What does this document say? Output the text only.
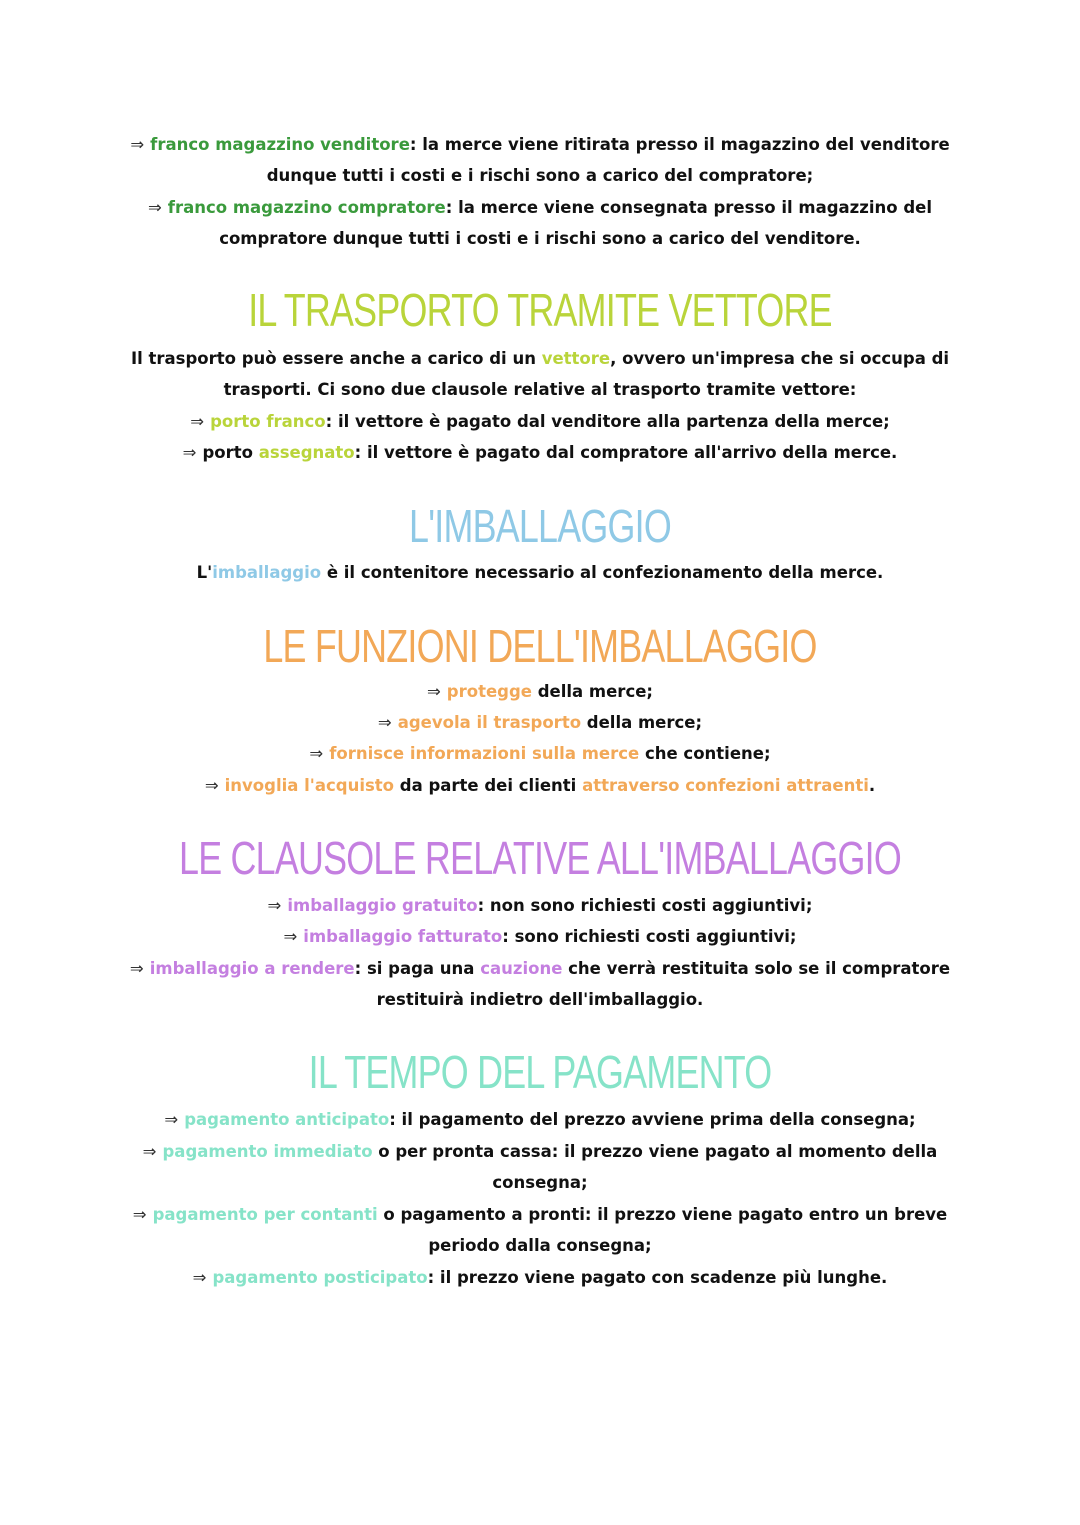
⇒ franco magazzino venditore: la merce viene ritirata presso il magazzino del venditore
dunque tutti i costi e i rischi sono a carico del compratore;
⇒ franco magazzino compratore: la merce viene consegnata presso il magazzino del
compratore dunque tutti i costi e i rischi sono a carico del venditore.
IL TRASPORTO TRAMITE VETTORE
Il trasporto può essere anche a carico di un vettore, ovvero un'impresa che si occupa di
trasporti. Ci sono due clausole relative al trasporto tramite vettore:
⇒ porto franco: il vettore è pagato dal venditore alla partenza della merce;
⇒ porto assegnato: il vettore è pagato dal compratore all'arrivo della merce.
L'IMBALLAGGIO
L'imballaggio è il contenitore necessario al confezionamento della merce.
LE FUNZIONI DELL'IMBALLAGGIO
⇒ protegge della merce;
⇒ agevola il trasporto della merce;
⇒ fornisce informazioni sulla merce che contiene;
⇒ invoglia l'acquisto da parte dei clienti attraverso confezioni attraenti.
LE CLAUSOLE RELATIVE ALL'IMBALLAGGIO
⇒ imballaggio gratuito: non sono richiesti costi aggiuntivi;
⇒ imballaggio fatturato: sono richiesti costi aggiuntivi;
⇒ imballaggio a rendere: si paga una cauzione che verrà restituita solo se il compratore
restituirà indietro dell'imballaggio.
IL TEMPO DEL PAGAMENTO
⇒ pagamento anticipato: il pagamento del prezzo avviene prima della consegna;
⇒ pagamento immediato o per pronta cassa: il prezzo viene pagato al momento della
consegna;
⇒ pagamento per contanti o pagamento a pronti: il prezzo viene pagato entro un breve
periodo dalla consegna;
⇒ pagamento posticipato: il prezzo viene pagato con scadenze più lunghe.
